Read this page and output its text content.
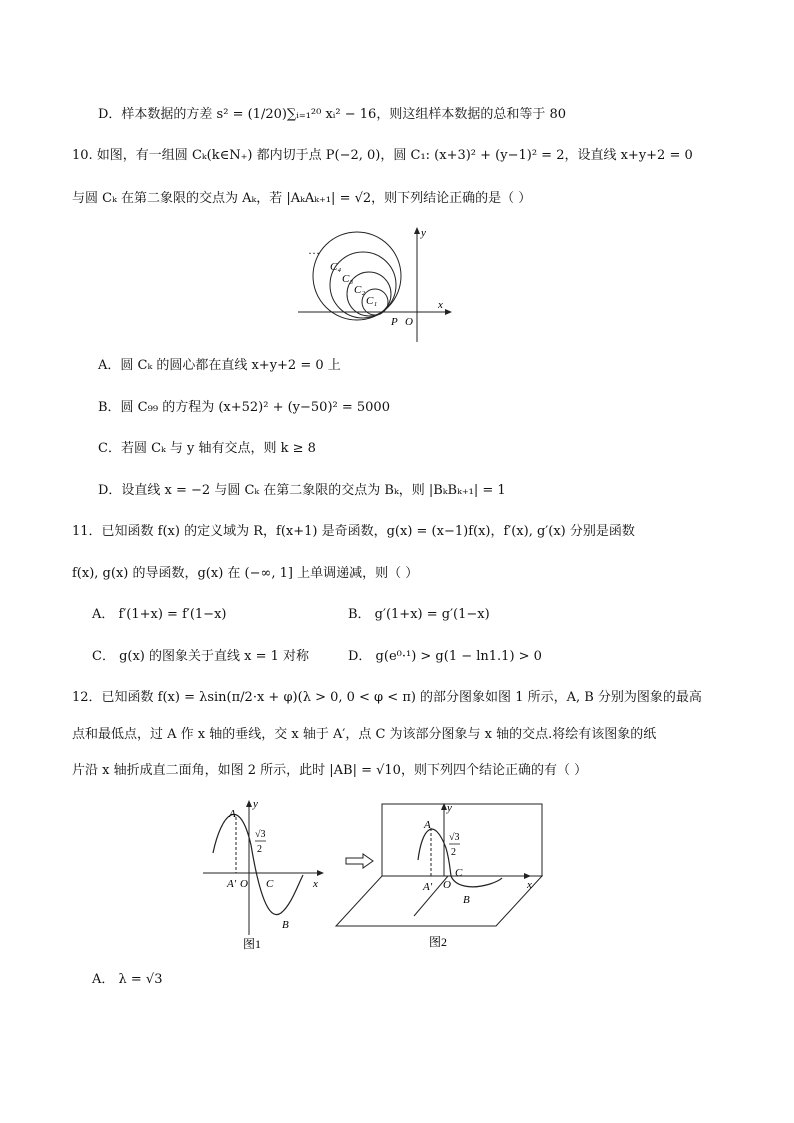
D．样本数据的方差 s² = (1/20)∑ᵢ₌₁²⁰ xᵢ² − 16，则这组样本数据的总和等于 80
10. 如图，有一组圆 Cₖ(k∈N₊) 都内切于点 P(−2, 0)，圆 C₁: (x+3)² + (y−1)² = 2，设直线 x+y+2 = 0
与圆 Cₖ 在第二象限的交点为 Aₖ，若 |AₖAₖ₊₁| = √2，则下列结论正确的是（ ）
…
C₄
C₃
C₂
C₁
y
x
P O
A．圆 Cₖ 的圆心都在直线 x+y+2 = 0 上
B．圆 C₉₉ 的方程为 (x+52)² + (y−50)² = 5000
C．若圆 Cₖ 与 y 轴有交点，则 k ≥ 8
D．设直线 x = −2 与圆 Cₖ 在第二象限的交点为 Bₖ，则 |BₖBₖ₊₁| = 1
11．已知函数 f(x) 的定义域为 R，f(x+1) 是奇函数，g(x) = (x−1)f(x)，f′(x), g′(x) 分别是函数
f(x), g(x) 的导函数，g(x) 在 (−∞, 1] 上单调递减，则（ ）
A． f′(1+x) = f′(1−x)	B． g′(1+x) = g′(1−x)
C． g(x) 的图象关于直线 x = 1 对称	D． g(e⁰·¹) > g(1 − ln1.1) > 0
12．已知函数 f(x) = λsin(π/2·x + φ)(λ > 0, 0 < φ < π) 的部分图象如图 1 所示，A, B 分别为图象的最高
点和最低点，过 A 作 x 轴的垂线，交 x 轴于 A′，点 C 为该部分图象与 x 轴的交点.将绘有该图象的纸
片沿 x 轴折成直二面角，如图 2 所示，此时 |AB| = √10，则下列四个结论正确的有（ ）
A
√3
2
y
x
A′ O C
B
图1
A
√3
2
y
x
A′ O
C
B
图2
A． λ = √3
